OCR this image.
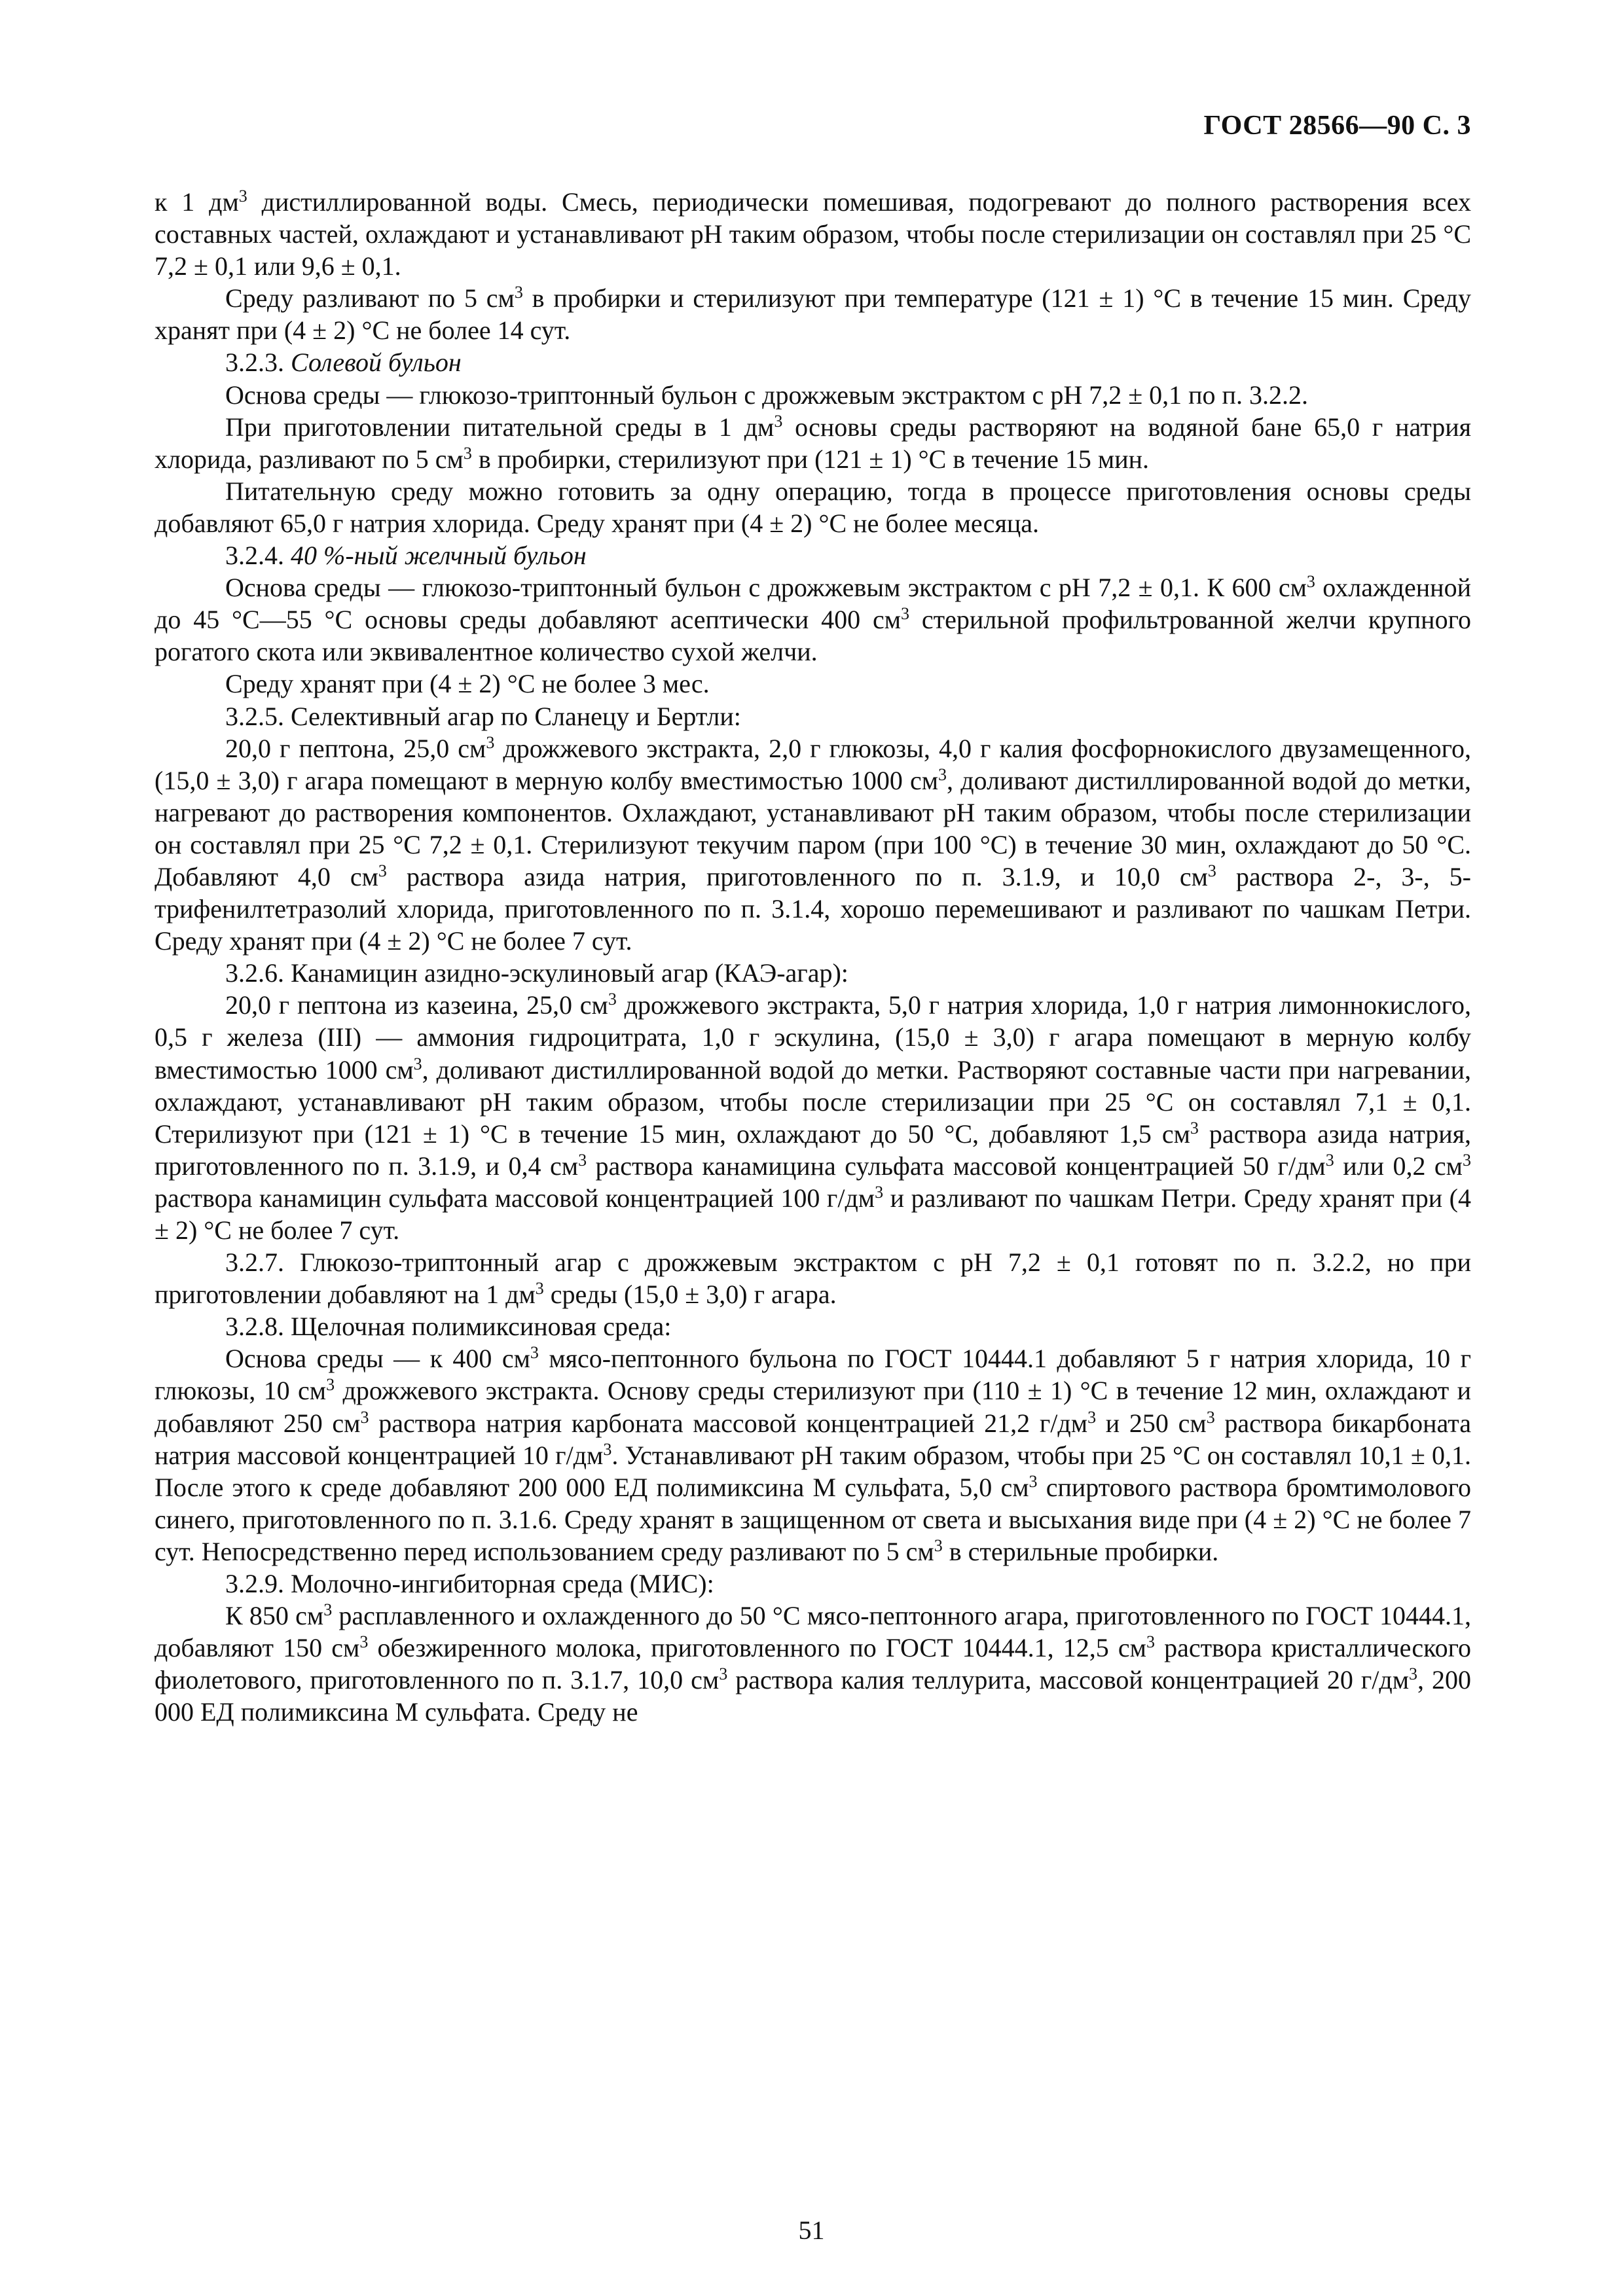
ГОСТ 28566—90 С. 3

к 1 $дм^3$ дистиллированной воды. Смесь, периодически помешивая, подогревают до полного растворения всех составных частей, охлаждают и устанавливают рН таким образом, чтобы после стерилизации он составлял при 25 °С 7,2 ± 0,1 или 9,6 ± 0,1.

Среду разливают по 5 $см^3$ в пробирки и стерилизуют при температуре (121 ± 1) °С в течение 15 мин. Среду хранят при (4 ± 2) °С не более 14 сут.

3.2.3. Солевой бульон

Основа среды — глюкозо-триптонный бульон с дрожжевым экстрактом с рН 7,2 ± 0,1 по п. 3.2.2.

При приготовлении питательной среды в 1 $дм^3$ основы среды растворяют на водяной бане 65,0 г натрия хлорида, разливают по 5 $см^3$ в пробирки, стерилизуют при (121 ± 1) °С в течение 15 мин.

Питательную среду можно готовить за одну операцию, тогда в процессе приготовления основы среды добавляют 65,0 г натрия хлорида. Среду хранят при (4 ± 2) °С не более месяца.

3.2.4. 40 %-ный желчный бульон

Основа среды — глюкозо-триптонный бульон с дрожжевым экстрактом с рН 7,2 ± 0,1. К 600 $см^3$ охлажденной до 45 °С—55 °С основы среды добавляют асептически 400 $см^3$ стерильной профильтрованной желчи крупного рогатого скота или эквивалентное количество сухой желчи.

Среду хранят при (4 ± 2) °С не более 3 мес.

3.2.5. Селективный агар по Сланецу и Бертли:

20,0 г пептона, 25,0 $см^3$ дрожжевого экстракта, 2,0 г глюкозы, 4,0 г калия фосфорнокислого двузамещенного, (15,0 ± 3,0) г агара помещают в мерную колбу вместимостью 1000 $см^3$, доливают дистиллированной водой до метки, нагревают до растворения компонентов. Охлаждают, устанавливают рН таким образом, чтобы после стерилизации он составлял при 25 °С 7,2 ± 0,1. Стерилизуют текучим паром (при 100 °С) в течение 30 мин, охлаждают до 50 °С. Добавляют 4,0 $см^3$ раствора азида натрия, приготовленного по п. 3.1.9, и 10,0 $см^3$ раствора 2-, 3-, 5-трифенилтетразолий хлорида, приготовленного по п. 3.1.4, хорошо перемешивают и разливают по чашкам Петри. Среду хранят при (4 ± 2) °С не более 7 сут.

3.2.6. Канамицин азидно-эскулиновый агар (КАЭ-агар):

20,0 г пептона из казеина, 25,0 $см^3$ дрожжевого экстракта, 5,0 г натрия хлорида, 1,0 г натрия лимоннокислого, 0,5 г железа (III) — аммония гидроцитрата, 1,0 г эскулина, (15,0 ± 3,0) г агара помещают в мерную колбу вместимостью 1000 $см^3$, доливают дистиллированной водой до метки. Растворяют составные части при нагревании, охлаждают, устанавливают рН таким образом, чтобы после стерилизации при 25 °С он составлял 7,1 ± 0,1. Стерилизуют при (121 ± 1) °С в течение 15 мин, охлаждают до 50 °С, добавляют 1,5 $см^3$ раствора азида натрия, приготовленного по п. 3.1.9, и 0,4 $см^3$ раствора канамицина сульфата массовой концентрацией 50 $г/дм^3$ или 0,2 $см^3$ раствора канамицин сульфата массовой концентрацией 100 $г/дм^3$ и разливают по чашкам Петри. Среду хранят при (4 ± 2) °С не более 7 сут.

3.2.7. Глюкозо-триптонный агар с дрожжевым экстрактом с рН 7,2 ± 0,1 готовят по п. 3.2.2, но при приготовлении добавляют на 1 $дм^3$ среды (15,0 ± 3,0) г агара.

3.2.8. Щелочная полимиксиновая среда:

Основа среды — к 400 $см^3$ мясо-пептонного бульона по ГОСТ 10444.1 добавляют 5 г натрия хлорида, 10 г глюкозы, 10 $см^3$ дрожжевого экстракта. Основу среды стерилизуют при (110 ± 1) °С в течение 12 мин, охлаждают и добавляют 250 $см^3$ раствора натрия карбоната массовой концентрацией 21,2 $г/дм^3$ и 250 $см^3$ раствора бикарбоната натрия массовой концентрацией 10 $г/дм^3$. Устанавливают рН таким образом, чтобы при 25 °С он составлял 10,1 ± 0,1. После этого к среде добавляют 200 000 ЕД полимиксина М сульфата, 5,0 $см^3$ спиртового раствора бромтимолового синего, приготовленного по п. 3.1.6. Среду хранят в защищенном от света и высыхания виде при (4 ± 2) °С не более 7 сут. Непосредственно перед использованием среду разливают по 5 $см^3$ в стерильные пробирки.

3.2.9. Молочно-ингибиторная среда (МИС):

К 850 $см^3$ расплавленного и охлажденного до 50 °С мясо-пептонного агара, приготовленного по ГОСТ 10444.1, добавляют 150 $см^3$ обезжиренного молока, приготовленного по ГОСТ 10444.1, 12,5 $см^3$ раствора кристаллического фиолетового, приготовленного по п. 3.1.7, 10,0 $см^3$ раствора калия теллурита, массовой концентрацией 20 $г/дм^3$, 200 000 ЕД полимиксина М сульфата. Среду не

51
